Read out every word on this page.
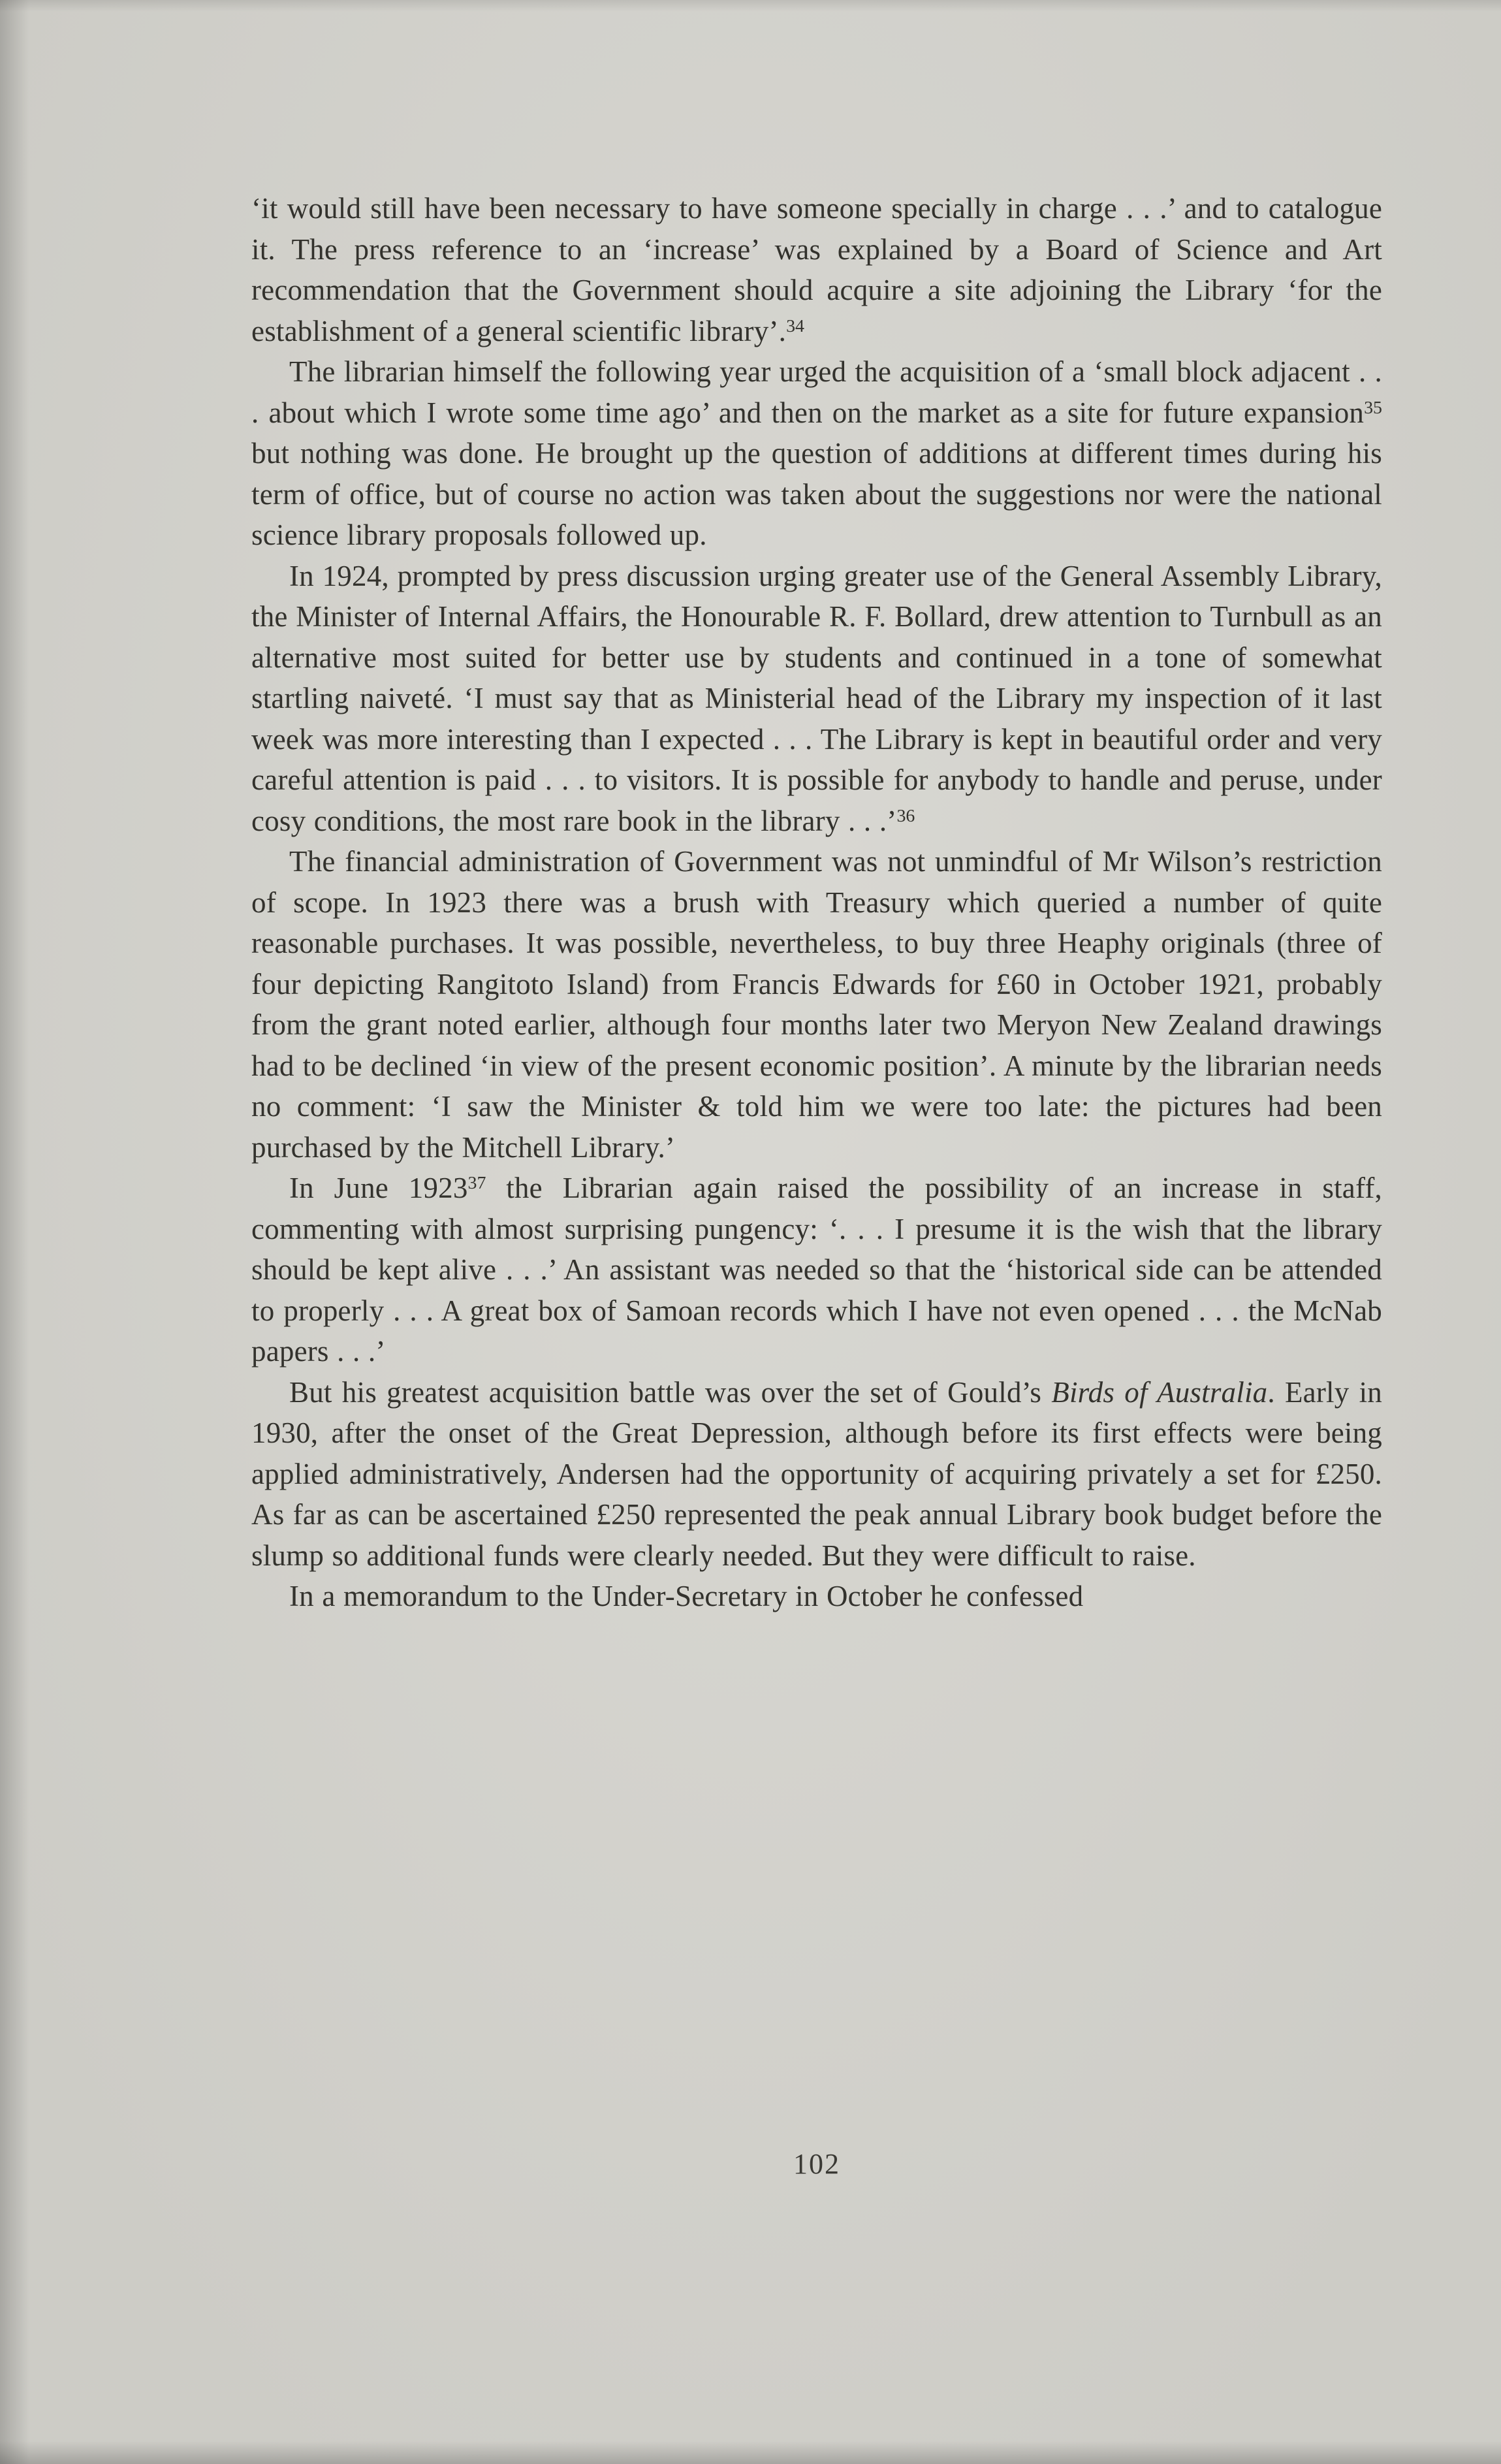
‘it would still have been necessary to have someone specially in charge . . .’ and to catalogue it. The press reference to an ‘increase’ was explained by a Board of Science and Art recommendation that the Government should acquire a site adjoining the Library ‘for the establishment of a general scientific library’.$^{34}$

The librarian himself the following year urged the acquisition of a ‘small block adjacent . . . about which I wrote some time ago’ and then on the market as a site for future expansion$^{35}$ but nothing was done. He brought up the question of additions at different times during his term of office, but of course no action was taken about the suggestions nor were the national science library proposals followed up.

In 1924, prompted by press discussion urging greater use of the General Assembly Library, the Minister of Internal Affairs, the Honourable R. F. Bollard, drew attention to Turnbull as an alternative most suited for better use by students and continued in a tone of somewhat startling naiveté. ‘I must say that as Ministerial head of the Library my inspection of it last week was more interesting than I expected . . . The Library is kept in beautiful order and very careful attention is paid . . . to visitors. It is possible for anybody to handle and peruse, under cosy conditions, the most rare book in the library . . .’$^{36}$

The financial administration of Government was not unmindful of Mr Wilson’s restriction of scope. In 1923 there was a brush with Treasury which queried a number of quite reasonable purchases. It was possible, nevertheless, to buy three Heaphy originals (three of four depicting Rangitoto Island) from Francis Edwards for £60 in October 1921, probably from the grant noted earlier, although four months later two Meryon New Zealand drawings had to be declined ‘in view of the present economic position’. A minute by the librarian needs no comment: ‘I saw the Minister & told him we were too late: the pictures had been purchased by the Mitchell Library.’

In June 1923$^{37}$ the Librarian again raised the possibility of an increase in staff, commenting with almost surprising pungency: ‘. . . I presume it is the wish that the library should be kept alive . . .’ An assistant was needed so that the ‘historical side can be attended to properly . . . A great box of Samoan records which I have not even opened . . . the McNab papers . . .’

But his greatest acquisition battle was over the set of Gould’s Birds of Australia. Early in 1930, after the onset of the Great Depression, although before its first effects were being applied administratively, Andersen had the opportunity of acquiring privately a set for £250. As far as can be ascertained £250 represented the peak annual Library book budget before the slump so additional funds were clearly needed. But they were difficult to raise.

In a memorandum to the Under-Secretary in October he confessed

102
